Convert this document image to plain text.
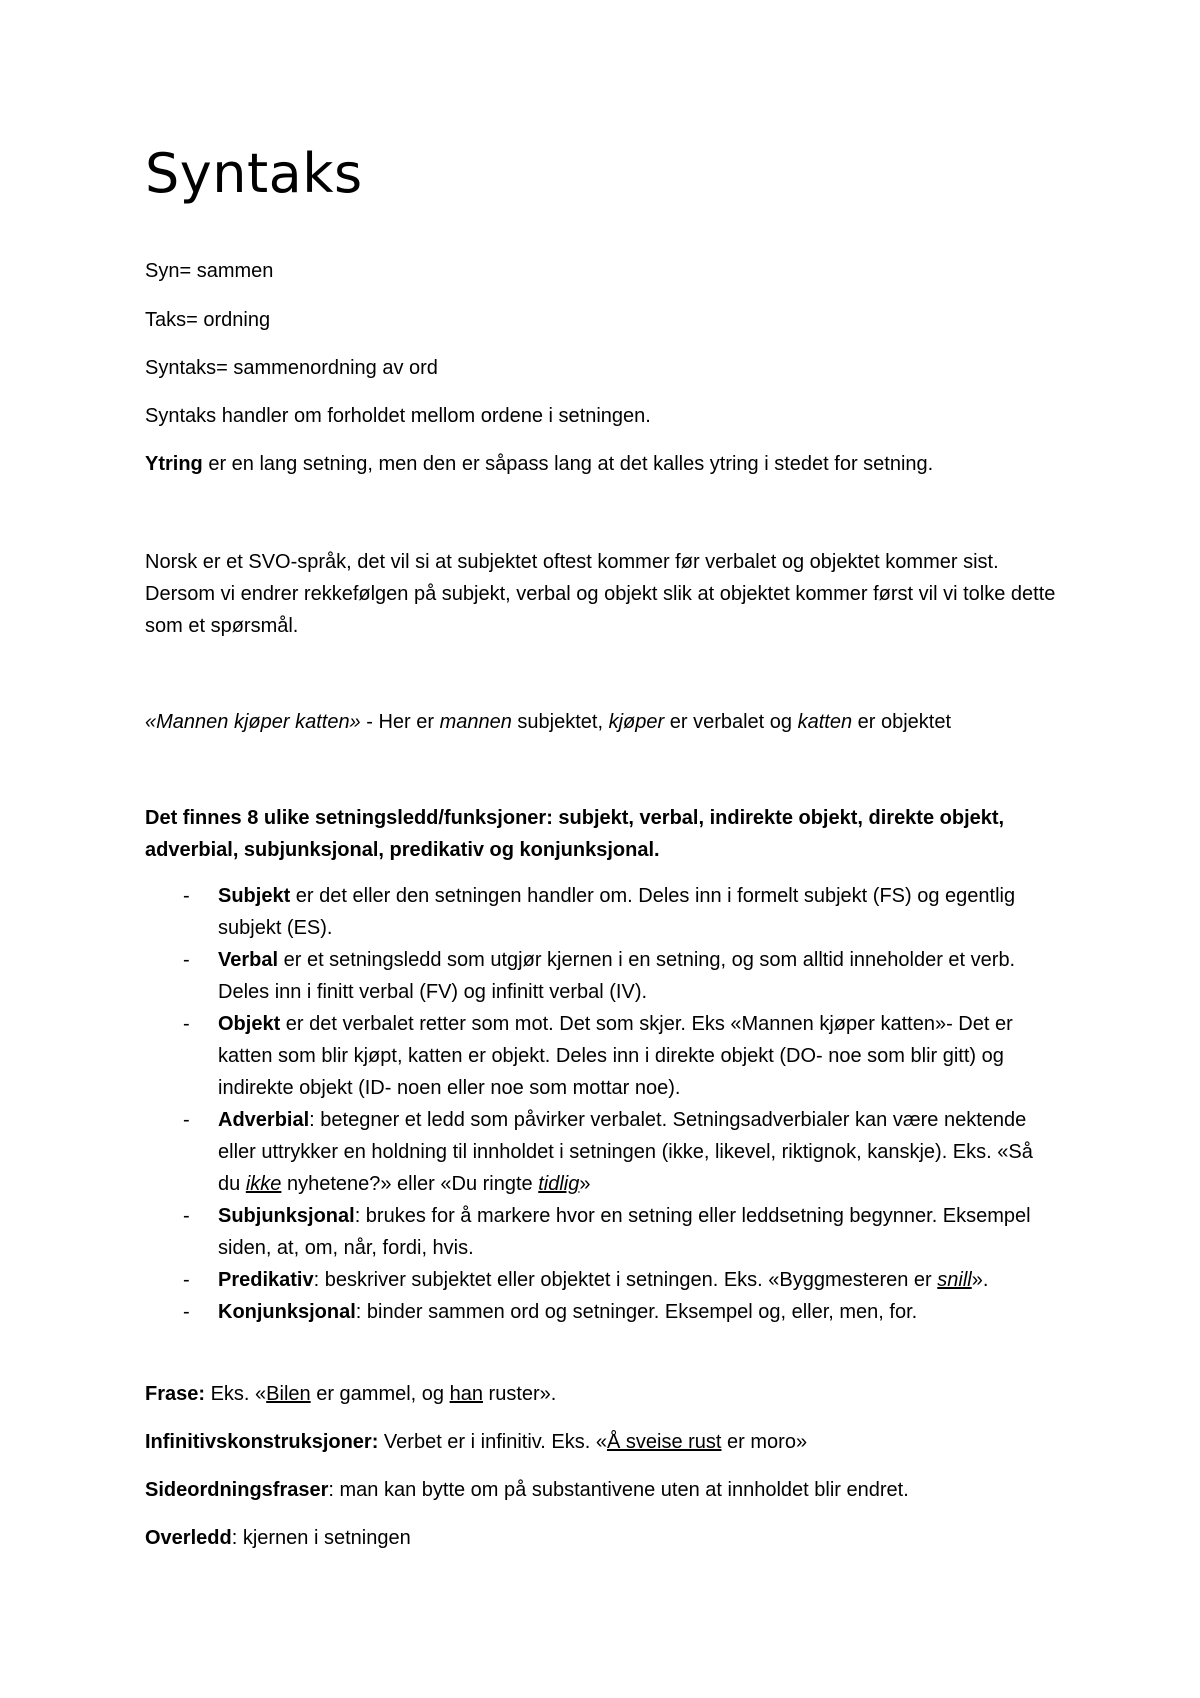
Syntaks

Syn= sammen

Taks= ordning

Syntaks= sammenordning av ord

Syntaks handler om forholdet mellom ordene i setningen.

Ytring er en lang setning, men den er såpass lang at det kalles ytring i stedet for setning.

Norsk er et SVO-språk, det vil si at subjektet oftest kommer før verbalet og objektet kommer sist. Dersom vi endrer rekkefølgen på subjekt, verbal og objekt slik at objektet kommer først vil vi tolke dette som et spørsmål.

«Mannen kjøper katten» - Her er mannen subjektet, kjøper er verbalet og katten er objektet

Det finnes 8 ulike setningsledd/funksjoner: subjekt, verbal, indirekte objekt, direkte objekt, adverbial, subjunksjonal, predikativ og konjunksjonal.

- Subjekt er det eller den setningen handler om. Deles inn i formelt subjekt (FS) og egentlig subjekt (ES).
- Verbal er et setningsledd som utgjør kjernen i en setning, og som alltid inneholder et verb. Deles inn i finitt verbal (FV) og infinitt verbal (IV).
- Objekt er det verbalet retter som mot. Det som skjer. Eks «Mannen kjøper katten»- Det er katten som blir kjøpt, katten er objekt. Deles inn i direkte objekt (DO- noe som blir gitt) og indirekte objekt (ID- noen eller noe som mottar noe).
- Adverbial: betegner et ledd som påvirker verbalet. Setningsadverbialer kan være nektende eller uttrykker en holdning til innholdet i setningen (ikke, likevel, riktignok, kanskje). Eks. «Så du ikke nyhetene?» eller «Du ringte tidlig»
- Subjunksjonal: brukes for å markere hvor en setning eller leddsetning begynner. Eksempel siden, at, om, når, fordi, hvis.
- Predikativ: beskriver subjektet eller objektet i setningen. Eks. «Byggmesteren er snill».
- Konjunksjonal: binder sammen ord og setninger. Eksempel og, eller, men, for.

Frase: Eks. «Bilen er gammel, og han ruster».

Infinitivskonstruksjoner: Verbet er i infinitiv. Eks. «Å sveise rust er moro»

Sideordningsfraser: man kan bytte om på substantivene uten at innholdet blir endret.

Overledd: kjernen i setningen
